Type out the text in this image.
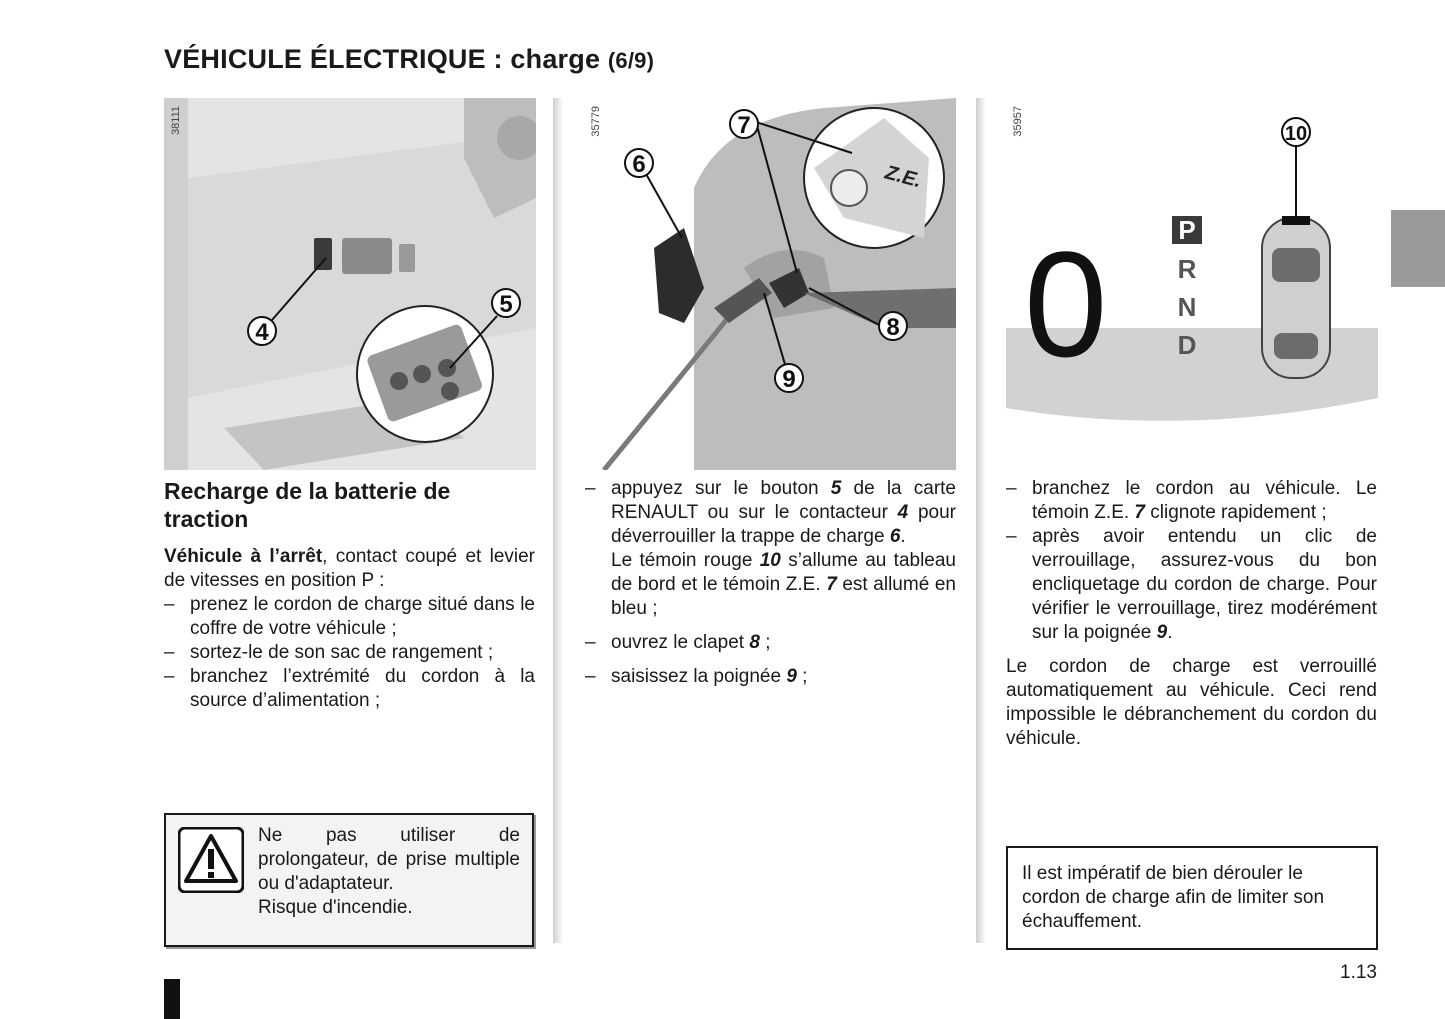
VÉHICULE ÉLECTRIQUE : charge (6/9)
4
5
38111
Z.E.
7
6
8
9
35779
0	P
R
N
D
10
35957
Recharge de la batterie de traction

Véhicule à l’arrêt, contact coupé et levier de vitesses en position P :

– prenez le cordon de charge situé dans le coffre de votre véhicule ;
– sortez-le de son sac de rangement ;
– branchez l’extrémité du cordon à la source d’alimentation ;

Ne pas utiliser de prolongateur, de prise multiple ou d'adaptateur.

Risque d'incendie.

– appuyez sur le bouton 5 de la carte RENAULT ou sur le contacteur 4 pour déverrouiller la trappe de charge 6.
Le témoin rouge 10 s’allume au tableau de bord et le témoin Z.E. 7 est allumé en bleu ;
– ouvrez le clapet 8 ;
– saisissez la poignée 9 ;
– branchez le cordon au véhicule. Le témoin Z.E. 7 clignote rapidement ;
– après avoir entendu un clic de verrouillage, assurez-vous du bon encliquetage du cordon de charge. Pour vérifier le verrouillage, tirez modérément sur la poignée 9.

Le cordon de charge est verrouillé automatiquement au véhicule. Ceci rend impossible le débranchement du cordon du véhicule.

Il est impératif de bien dérouler le cordon de charge afin de limiter son échauffement.

1.13
